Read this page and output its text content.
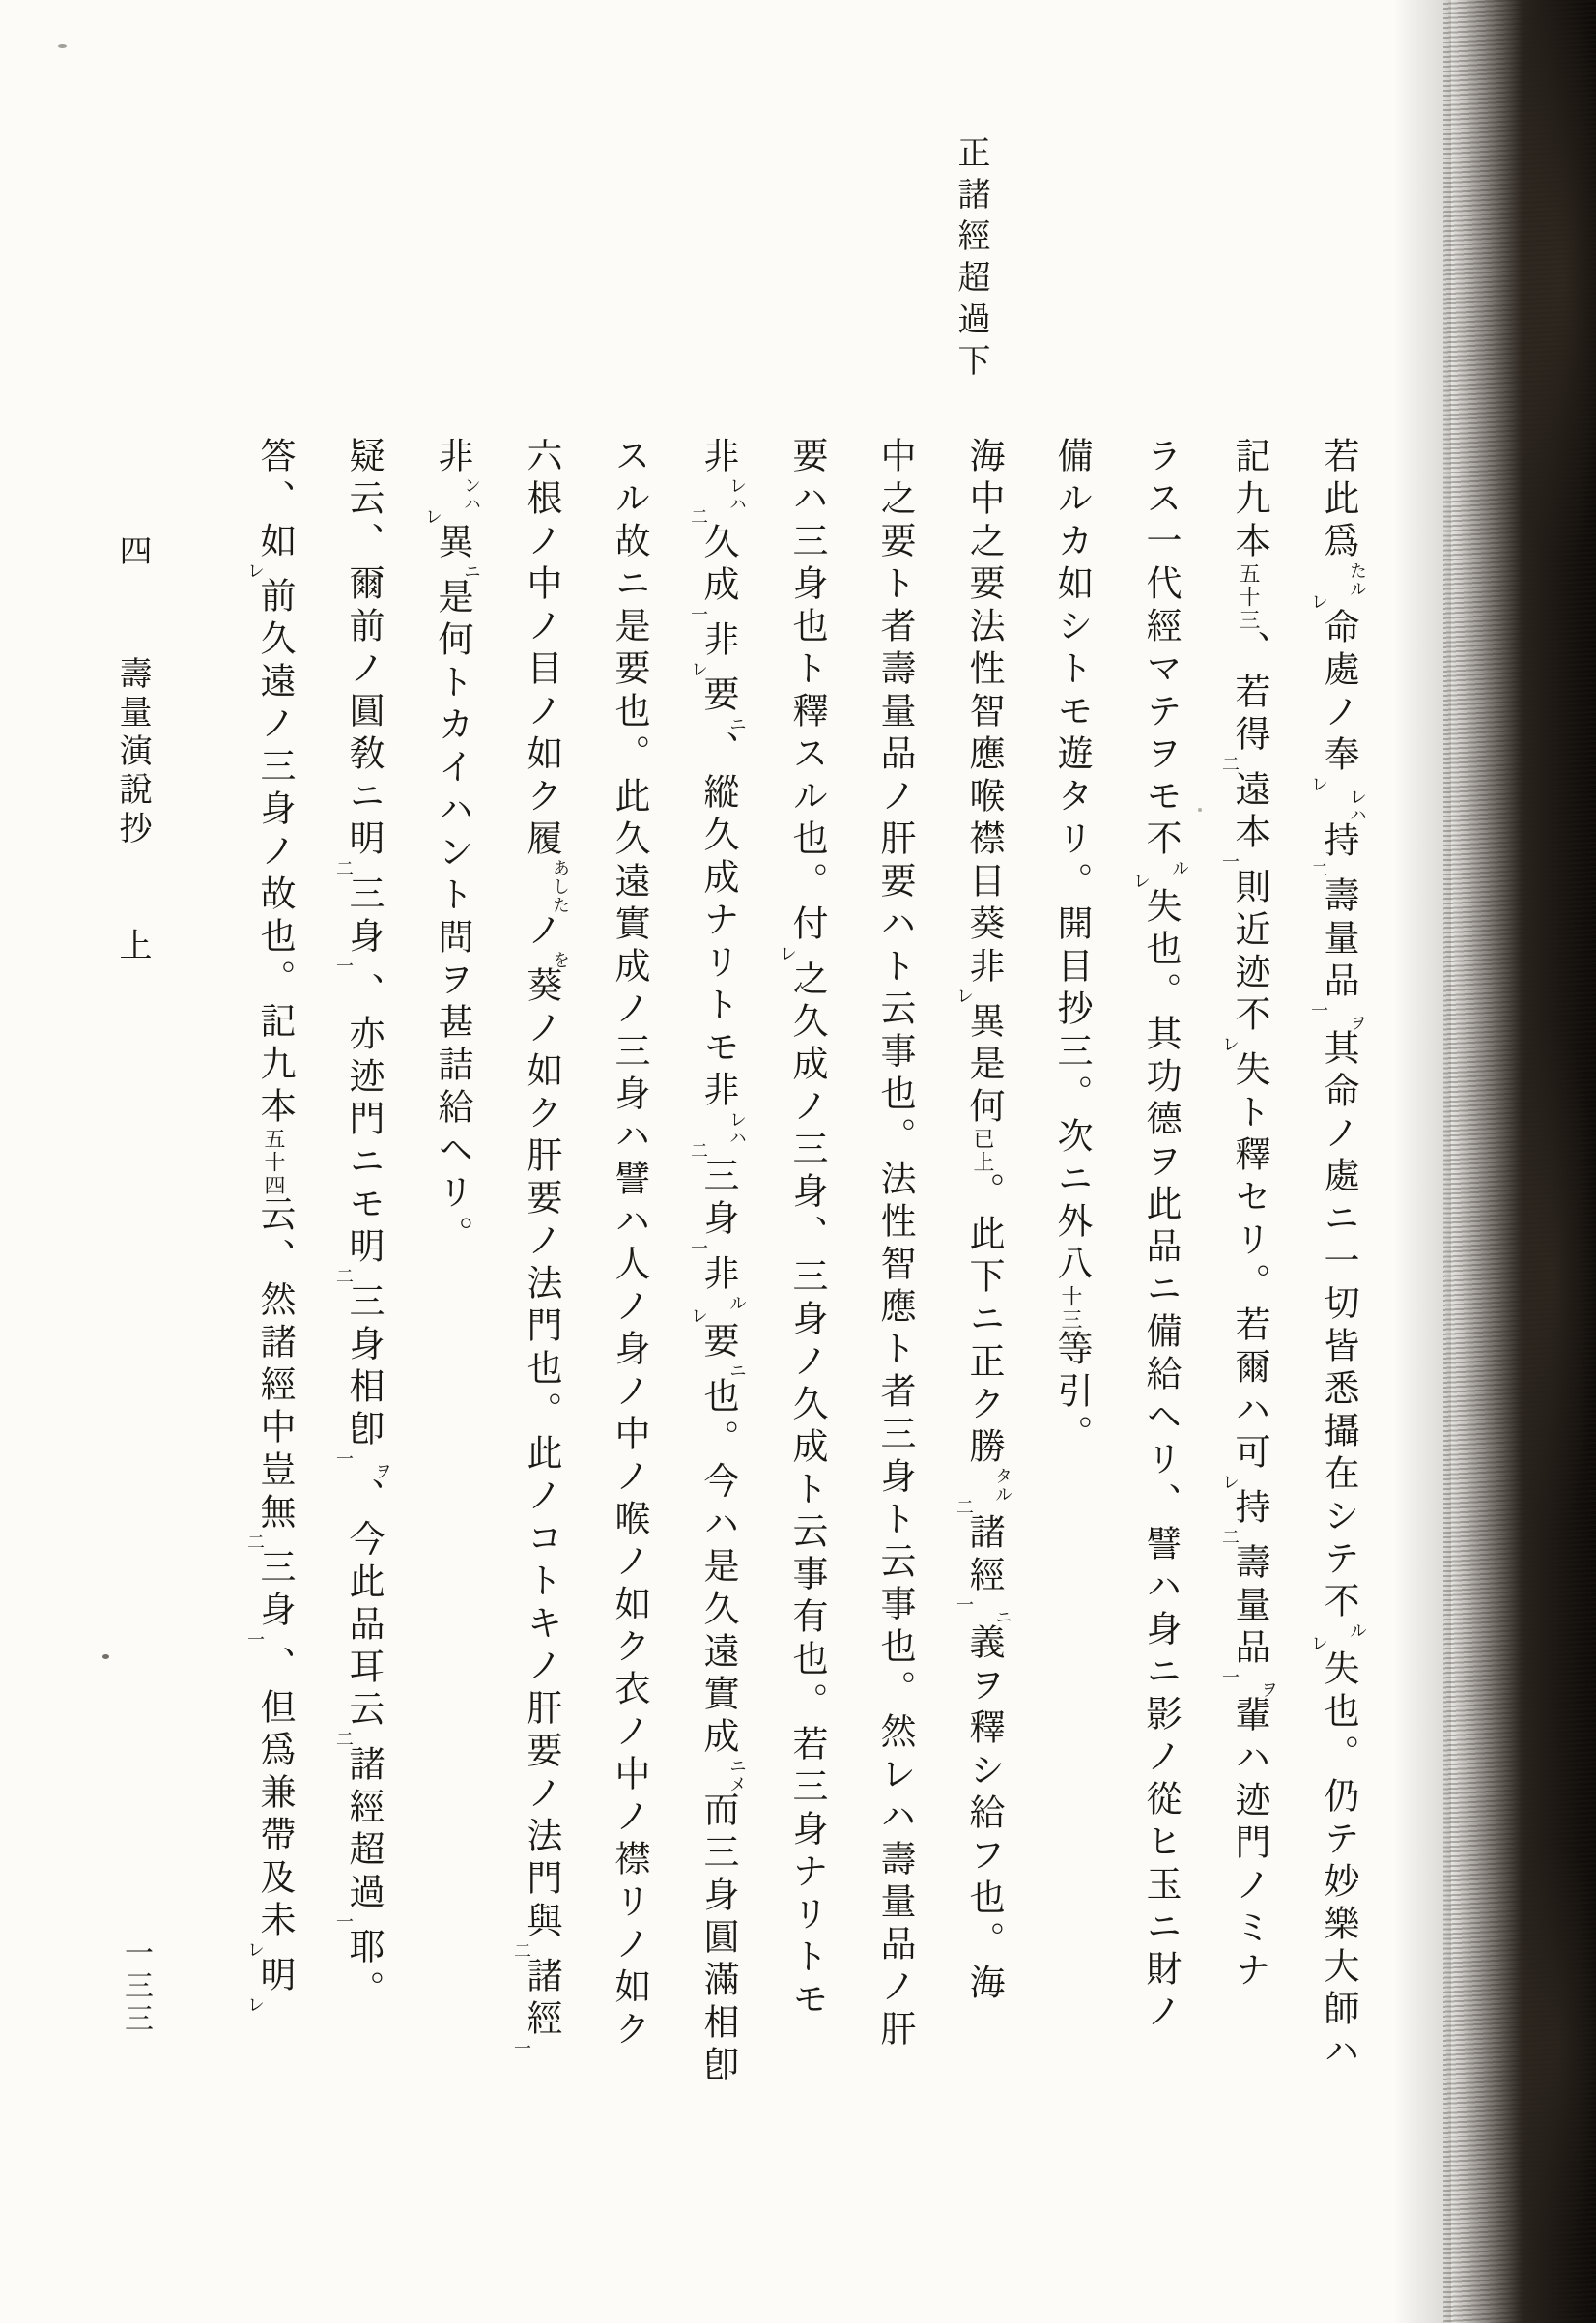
正諸經超過下
若此爲たルレ命處ノ奉レレハ持二壽量品一ヲ其命ノ處ニ一切皆悉攝在シテ不ルレ失也。仍テ妙樂大師ハ
記九本五十三、若得二遠本一則近迹不レ失ト釋セリ。若爾ハ可レ持二壽量品一ヲ輩ハ迹門ノミナ
ラス一代經マテヲモ不ルレ失也。其功德ヲ此品ニ備給ヘリ、譬ハ身ニ影ノ從ヒ玉ニ財ノ
備ルカ如シトモ遊タリ。開目抄三。次ニ外八十三等引。
海中之要法性智應喉襟目葵非レ異是何已上。此下ニ正ク勝タル二諸經一ニ義ヲ釋シ給フ也。海
中之要ト者壽量品ノ肝要ハト云事也。法性智應ト者三身ト云事也。然レハ壽量品ノ肝
要ハ三身也ト釋スル也。付レ之久成ノ三身、三身ノ久成ト云事有也。若三身ナリトモ
非レハ二久成一非レ要ニ、縱久成ナリトモ非レハ二三身一非ルレ要ニ也。今ハ是久遠實成ニメ而三身圓滿相卽
スル故ニ是要也。此久遠實成ノ三身ハ譬ハ人ノ身ノ中ノ喉ノ如ク衣ノ中ノ襟リノ如ク
六根ノ中ノ目ノ如ク履あしたノを葵ノ如ク肝要ノ法門也。此ノコトキノ肝要ノ法門與二諸經一
非ンハレ異ニ是何トカイハント問ヲ甚詰給ヘリ。
疑云、爾前ノ圓敎ニ明二三身一、亦迹門ニモ明二三身相卽一ヲ、今此品耳云二諸經超過一耶。
答、如レ前久遠ノ三身ノ故也。記九本五十四云、然諸經中豈無二三身一、但爲兼帶及未レ明レ
四 壽量演說抄 上
一三三
